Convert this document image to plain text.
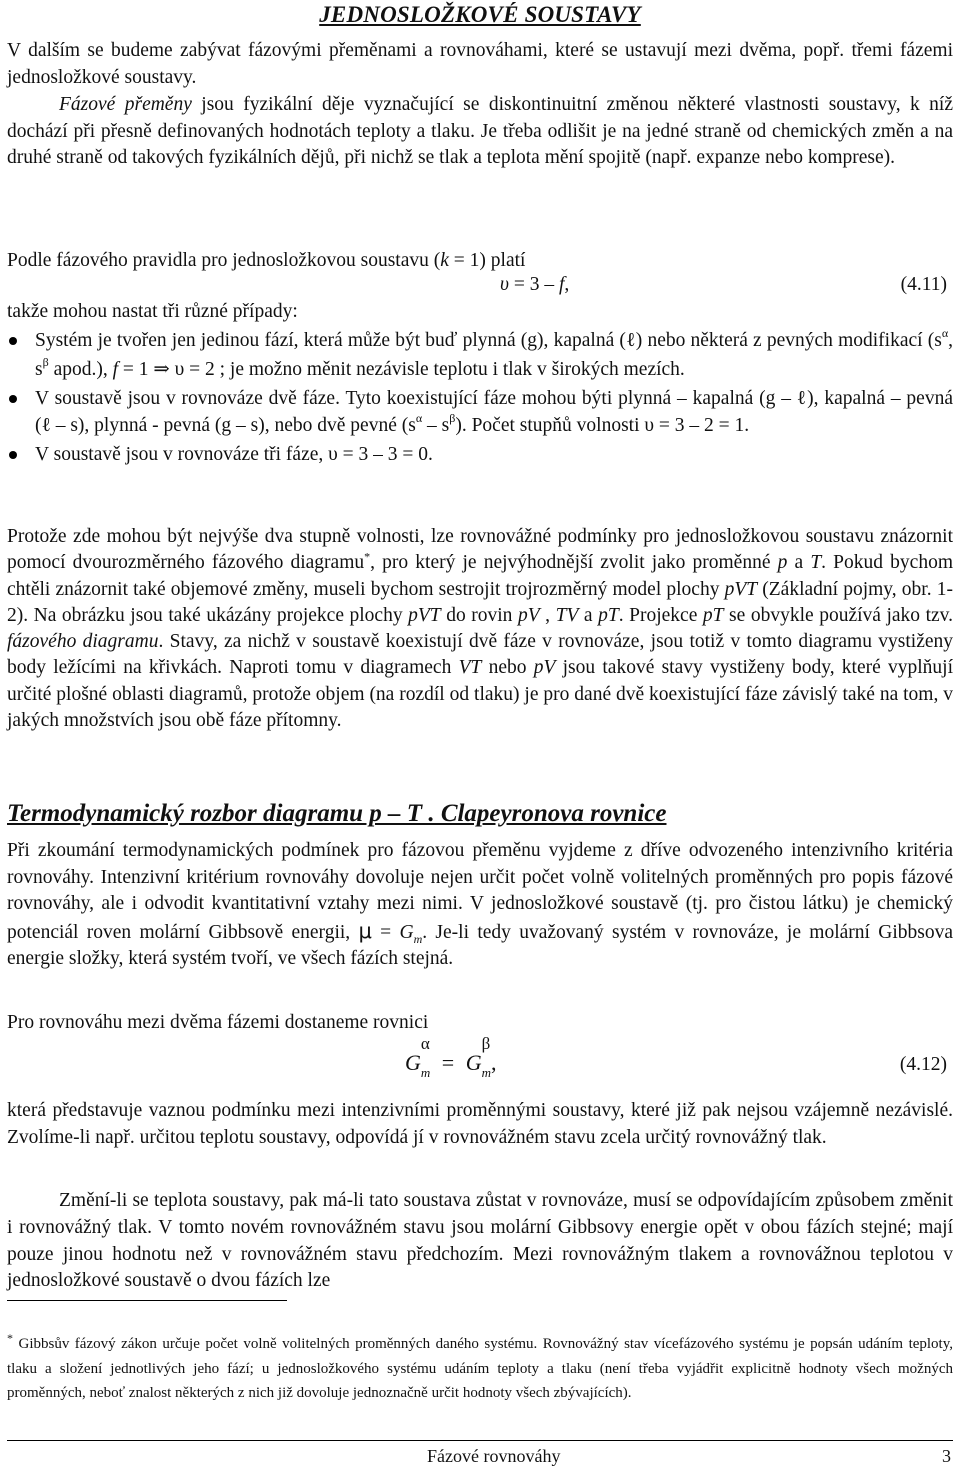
JEDNOSLOŽKOVÉ SOUSTAVY

V dalším se budeme zabývat fázovými přeměnami a rovnováhami, které se ustavují mezi dvěma, popř. třemi fázemi jednosložkové soustavy.

Fázové přeměny jsou fyzikální děje vyznačující se diskontinuitní změnou některé vlastnosti soustavy, k níž dochází při přesně definovaných hodnotách teploty a tlaku. Je třeba odlišit je na jedné straně od chemických změn a na druhé straně od takových fyzikálních dějů, při nichž se tlak a teplota mění spojitě (např. expanze nebo komprese).

Podle fázového pravidla pro jednosložkovou soustavu (k = 1) platí

υ = 3 – f,	(4.11)

takže mohou nastat tři různé případy:

Systém je tvořen jen jedinou fází, která může být buď plynná (g), kapalná (ℓ) nebo některá z pevných modifikací ($s^\alpha$, $s^\beta$ apod.), f = 1 ⇒ υ = 2 ; je možno měnit nezávisle teplotu i tlak v širokých mezích.
V soustavě jsou v rovnováze dvě fáze. Tyto koexistující fáze mohou býti plynná – kapalná (g – ℓ), kapalná – pevná (ℓ – s), plynná - pevná (g – s), nebo dvě pevné $(s^\alpha - s^\beta)$. Počet stupňů volnosti υ = 3 – 2 = 1.
V soustavě jsou v rovnováze tři fáze, υ = 3 – 3 = 0.

Protože zde mohou být nejvýše dva stupně volnosti, lze rovnovážné podmínky pro jednosložkovou soustavu znázornit pomocí dvourozměrného fázového diagramu*, pro který je nejvýhodnější zvolit jako proměnné p a T. Pokud bychom chtěli znázornit také objemové změny, museli bychom sestrojit trojrozměrný model plochy pVT (Základní pojmy, obr. 1-2). Na obrázku jsou také ukázány projekce plochy pVT do rovin pV , TV a pT. Projekce pT se obvykle používá jako tzv. fázového diagramu. Stavy, za nichž v soustavě koexistují dvě fáze v rovnováze, jsou totiž v tomto diagramu vystiženy body ležícími na křivkách. Naproti tomu v diagramech VT nebo pV jsou takové stavy vystiženy body, které vyplňují určité plošné oblasti diagramů, protože objem (na rozdíl od tlaku) je pro dané dvě koexistující fáze závislý také na tom, v jakých množstvích jsou obě fáze přítomny.

Termodynamický rozbor diagramu p – T . Clapeyronova rovnice

Při zkoumání termodynamických podmínek pro fázovou přeměnu vyjdeme z dříve odvozeného intenzivního kritéria rovnováhy. Intenzivní kritérium rovnováhy dovoluje nejen určit počet volně volitelných proměnných pro popis fázové rovnováhy, ale i odvodit kvantitativní vztahy mezi nimi. V jednosložkové soustavě (tj. pro čistou látku) je chemický potenciál roven molární Gibbsově energii, $\mu = G_m$. Je-li tedy uvažovaný systém v rovnováze, je molární Gibbsova energie složky, která systém tvoří, ve všech fázích stejná.

Pro rovnováhu mezi dvěma fázemi dostaneme rovnici

G
α
$_m$ = G
β
$_m$,	(4.12)

která představuje vaznou podmínku mezi intenzivními proměnnými soustavy, které již pak nejsou vzájemně nezávislé. Zvolíme-li např. určitou teplotu soustavy, odpovídá jí v rovnovážném stavu zcela určitý rovnovážný tlak.

Změní-li se teplota soustavy, pak má-li tato soustava zůstat v rovnováze, musí se odpovídajícím způsobem změnit i rovnovážný tlak. V tomto novém rovnovážném stavu jsou molární Gibbsovy energie opět v obou fázích stejné; mají pouze jinou hodnotu než v rovnovážném stavu předchozím. Mezi rovnovážným tlakem a rovnovážnou teplotou v jednosložkové soustavě o dvou fázích lze

* Gibbsův fázový zákon určuje počet volně volitelných proměnných daného systému. Rovnovážný stav vícefázového systému je popsán udáním teploty, tlaku a složení jednotlivých jeho fází; u jednosložkového systému udáním teploty a tlaku (není třeba vyjádřit explicitně hodnoty všech možných proměnných, neboť znalost některých z nich již dovoluje jednoznačně určit hodnoty všech zbývajících).

Fázové rovnováhy	3
